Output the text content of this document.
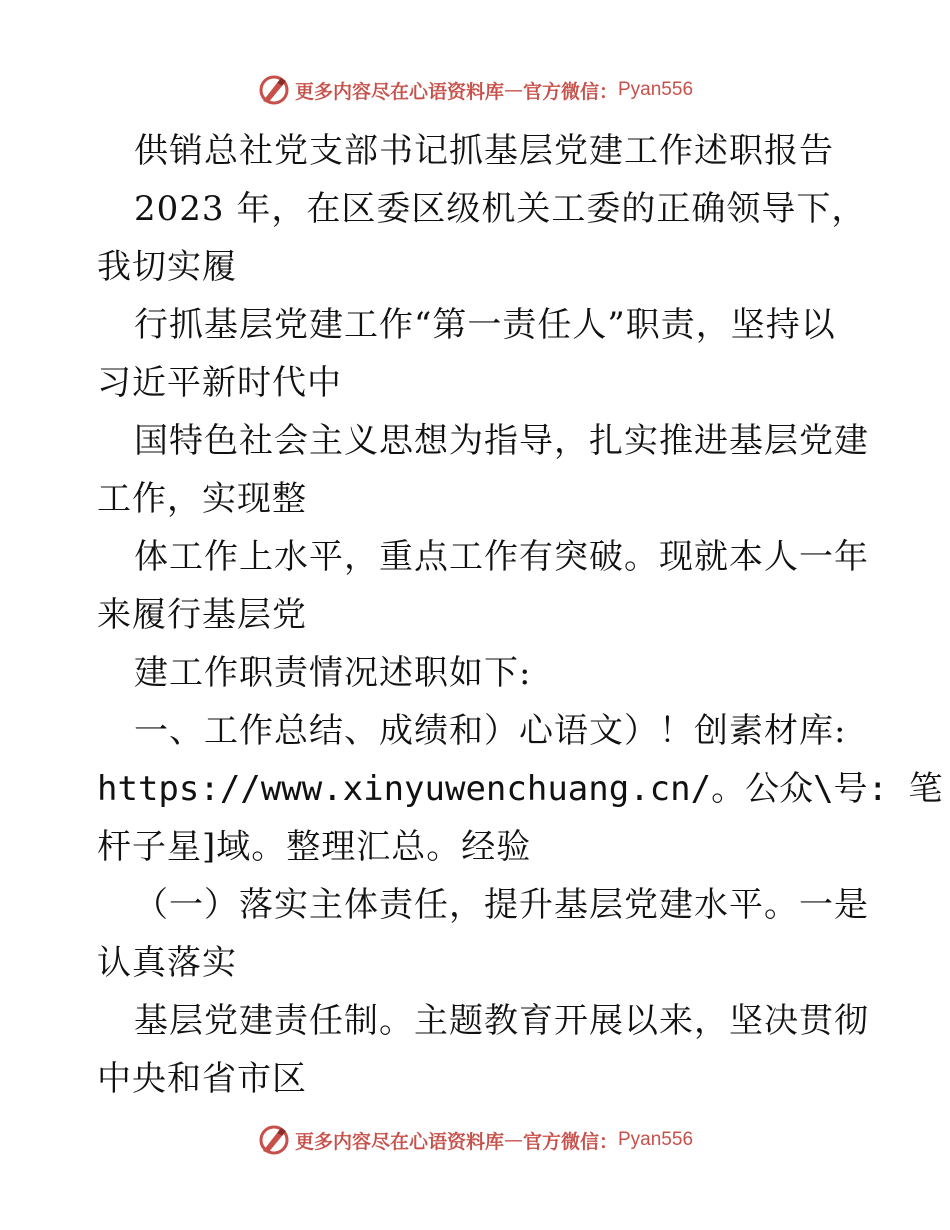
更多内容尽在心语资料库 — 官方微信： Pyan556
供销总社党支部书记抓基层党建工作述职报告
2023 年，在区委区级机关工委的正确领导下，
我切实履
行抓基层党建工作“第一责任人”职责，坚持以
习近平新时代中
国特色社会主义思想为指导，扎实推进基层党建
工作，实现整
体工作上水平，重点工作有突破。现就本人一年
来履行基层党
建工作职责情况述职如下:
一、工作总结、成绩和）心语文）！创素材库:
https://www.xinyuwenchuang.cn/。公众\号: 笔
杆子星]域。整理汇总。经验
（一）落实主体责任，提升基层党建水平。一是
认真落实
基层党建责任制。主题教育开展以来，坚决贯彻
中央和省市区
更多内容尽在心语资料库 — 官方微信： Pyan556
